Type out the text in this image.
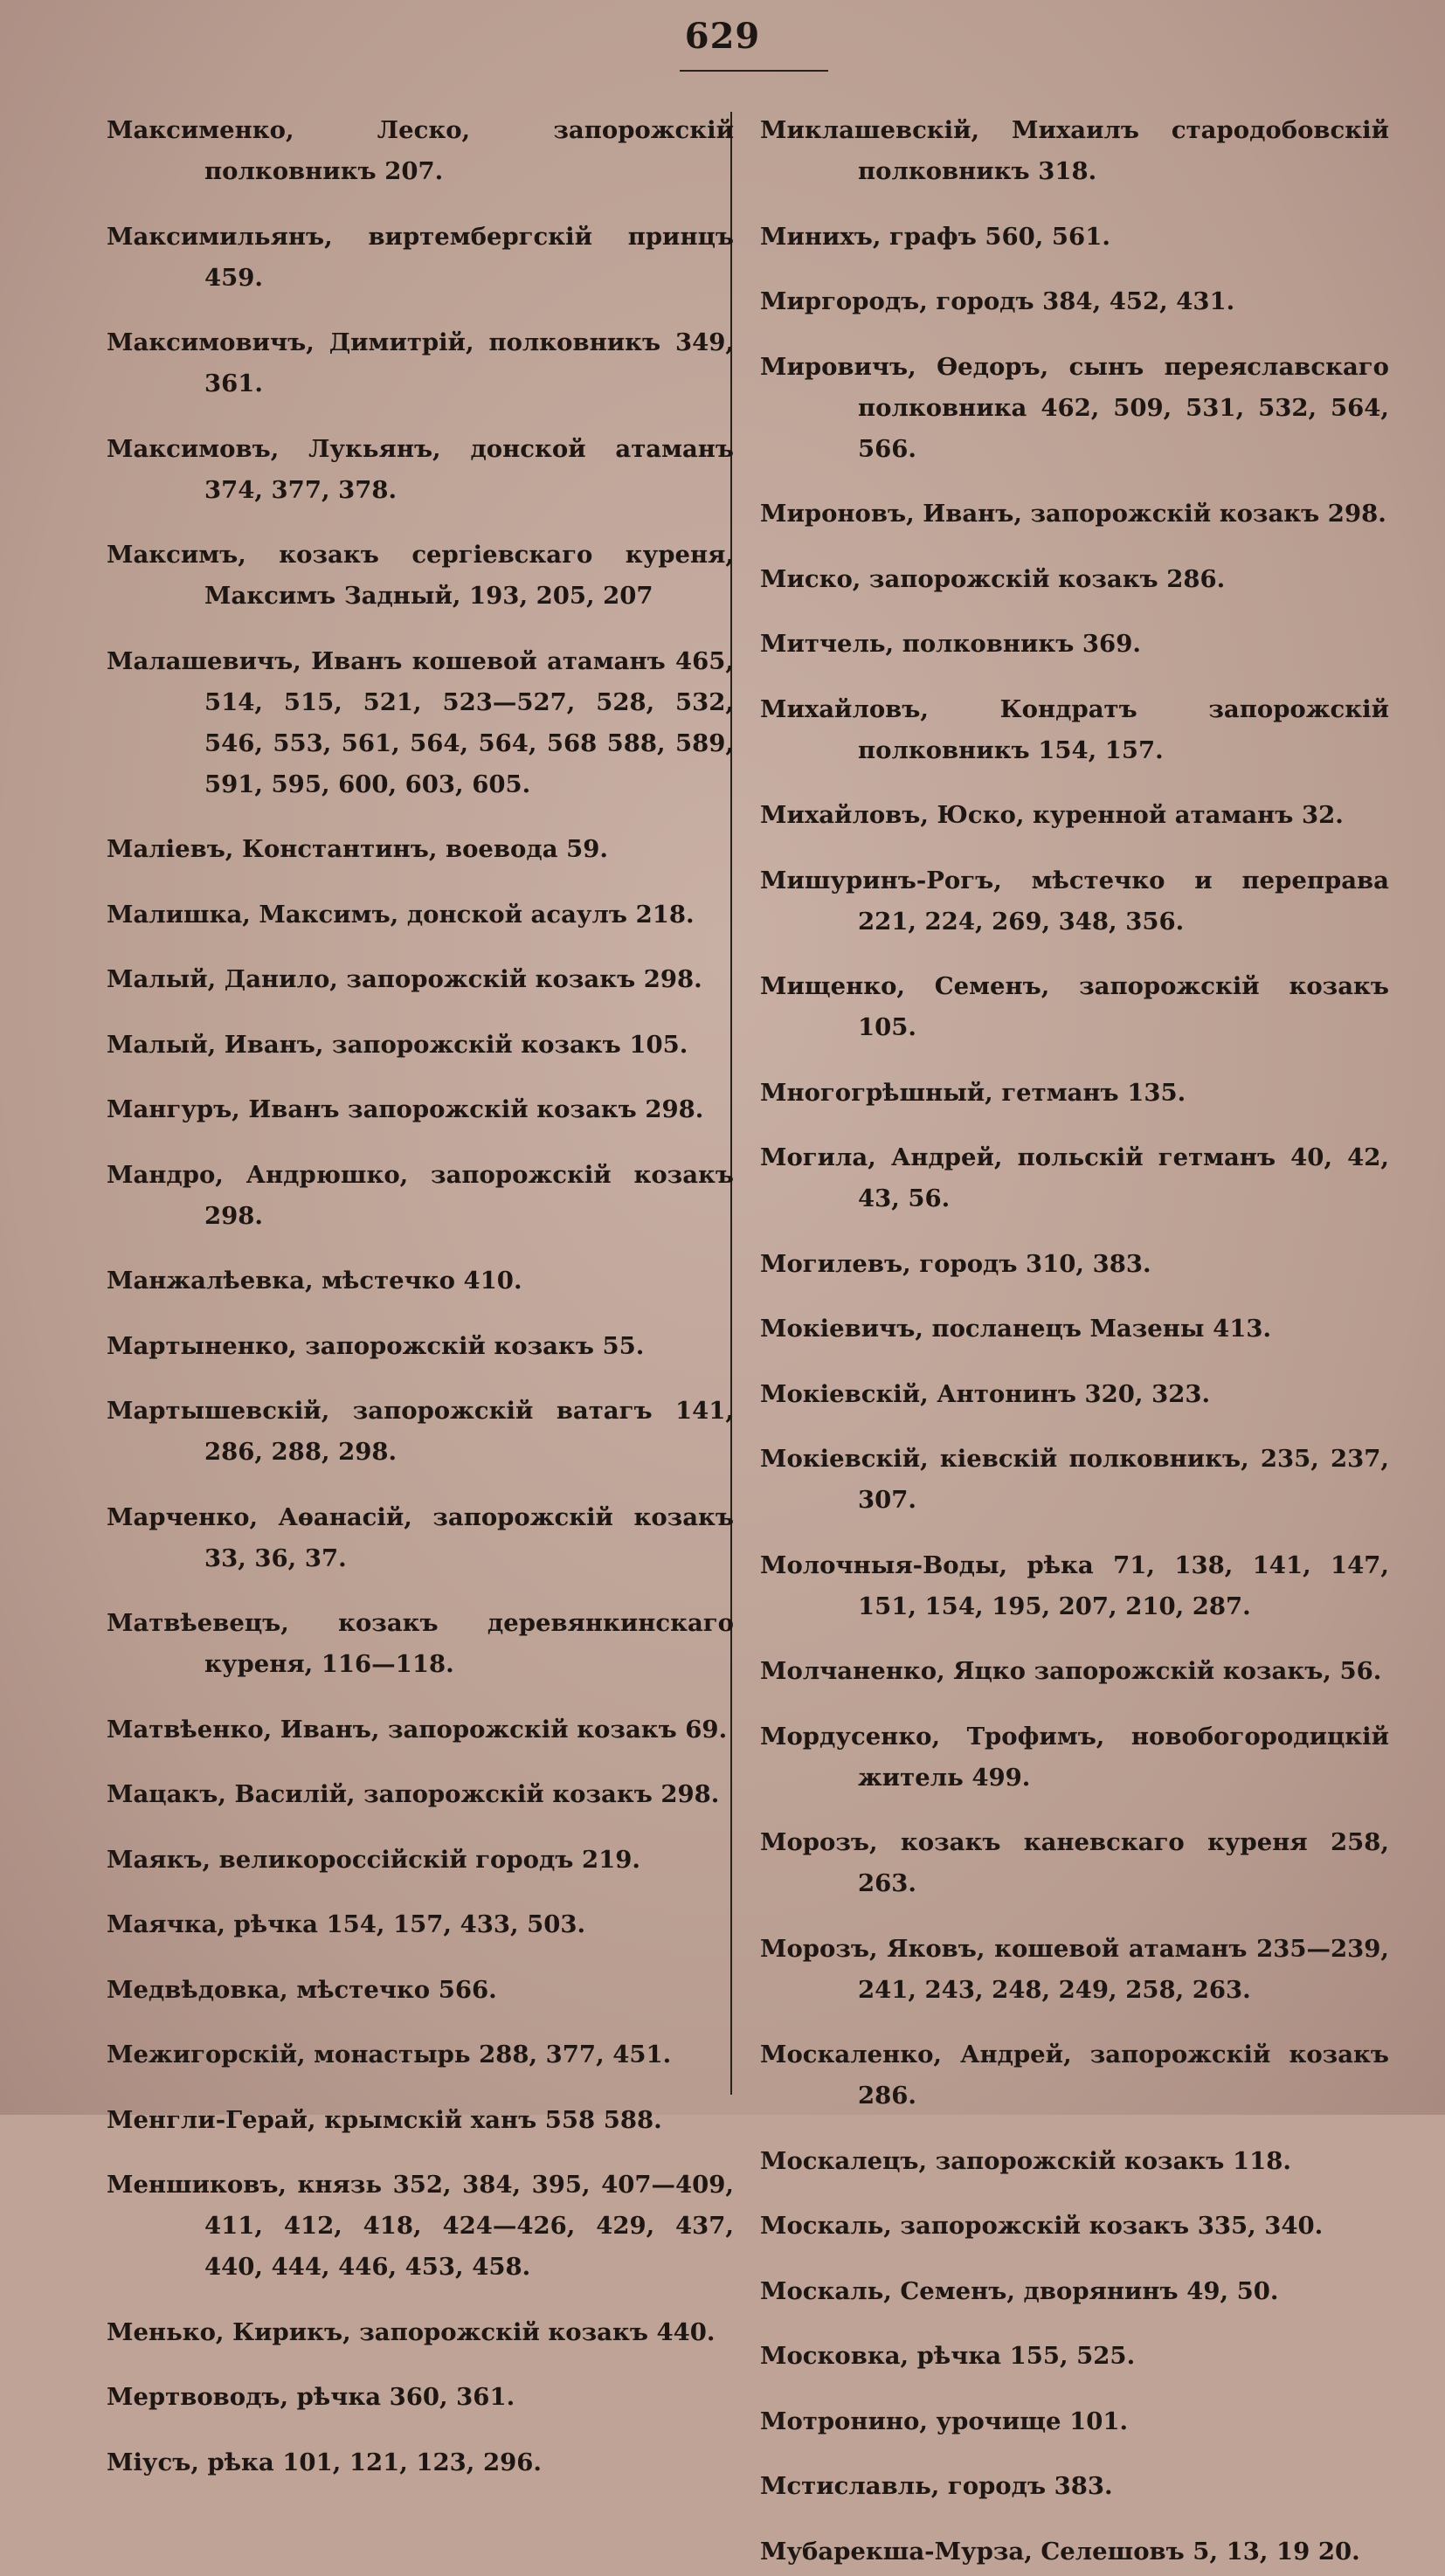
629

Максименко, Леско, запорожскій полковникъ 207.

Максимильянъ, виртембергскій принцъ 459.

Максимовичъ, Димитрій, полковникъ 349, 361.

Максимовъ, Лукьянъ, донской атаманъ 374, 377, 378.

Максимъ, козакъ сергіевскаго куреня, Максимъ Задный, 193, 205, 207

Малашевичъ, Иванъ кошевой атаманъ 465, 514, 515, 521, 523—527, 528, 532, 546, 553, 561, 564, 564, 568 588, 589, 591, 595, 600, 603, 605.

Маліевъ, Константинъ, воевода 59.

Малишка, Максимъ, донской асаулъ 218.

Малый, Данило, запорожскій козакъ 298.

Малый, Иванъ, запорожскій козакъ 105.

Мангуръ, Иванъ запорожскій козакъ 298.

Мандро, Андрюшко, запорожскій козакъ 298.

Манжалѣевка, мѣстечко 410.

Мартыненко, запорожскій козакъ 55.

Мартышевскій, запорожскій ватагъ 141, 286, 288, 298.

Марченко, Аѳанасій, запорожскій козакъ 33, 36, 37.

Матвѣевецъ, козакъ деревянкинскаго куреня, 116—118.

Матвѣенко, Иванъ, запорожскій козакъ 69.

Мацакъ, Василій, запорожскій козакъ 298.

Маякъ, великороссійскій городъ 219.

Маячка, рѣчка 154, 157, 433, 503.

Медвѣдовка, мѣстечко 566.

Межигорскій, монастырь 288, 377, 451.

Менгли-Герай, крымскій ханъ 558 588.

Меншиковъ, князь 352, 384, 395, 407—409, 411, 412, 418, 424—426, 429, 437, 440, 444, 446, 453, 458.

Менько, Кирикъ, запорожскій козакъ 440.

Мертвоводъ, рѣчка 360, 361.

Міусъ, рѣка 101, 121, 123, 296.

Миклашевскій, Михаилъ стародобовскій полковникъ 318.

Минихъ, графъ 560, 561.

Миргородъ, городъ 384, 452, 431.

Мировичъ, Ѳедоръ, сынъ переяславскаго полковника 462, 509, 531, 532, 564, 566.

Мироновъ, Иванъ, запорожскій козакъ 298.

Миско, запорожскій козакъ 286.

Митчель, полковникъ 369.

Михайловъ, Кондратъ запорожскій полковникъ 154, 157.

Михайловъ, Юско, куренной атаманъ 32.

Мишуринъ-Рогъ, мѣстечко и переправа 221, 224, 269, 348, 356.

Мищенко, Семенъ, запорожскій козакъ 105.

Многогрѣшный, гетманъ 135.

Могила, Андрей, польскій гетманъ 40, 42, 43, 56.

Могилевъ, городъ 310, 383.

Мокіевичъ, посланецъ Мазены 413.

Мокіевскій, Антонинъ 320, 323.

Мокіевскій, кіевскій полковникъ, 235, 237, 307.

Молочныя-Воды, рѣка 71, 138, 141, 147, 151, 154, 195, 207, 210, 287.

Молчаненко, Яцко запорожскій козакъ, 56.

Мордусенко, Трофимъ, новобогородицкій житель 499.

Морозъ, козакъ каневскаго куреня 258, 263.

Морозъ, Яковъ, кошевой атаманъ 235—239, 241, 243, 248, 249, 258, 263.

Москаленко, Андрей, запорожскій козакъ 286.

Москалецъ, запорожскій козакъ 118.

Москаль, запорожскій козакъ 335, 340.

Москаль, Семенъ, дворянинъ 49, 50.

Московка, рѣчка 155, 525.

Мотронино, урочище 101.

Мстиславль, городъ 383.

Мубарекша-Мурза, Селешовъ 5, 13, 19 20.
